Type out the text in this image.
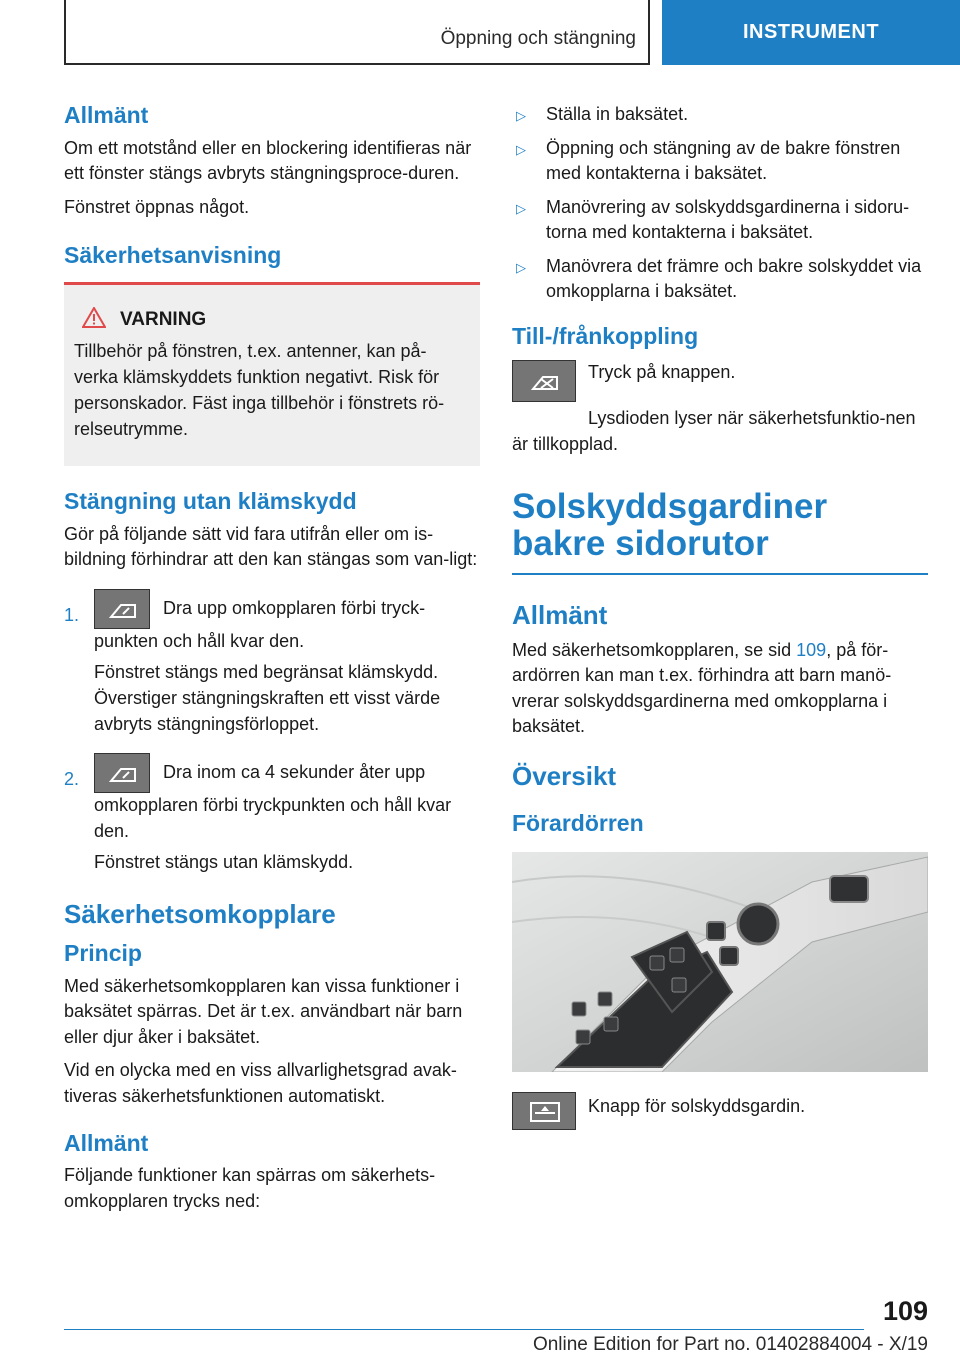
Öppning och stängning	INSTRUMENT
Allmänt

Om ett motstånd eller en blockering identifieras när ett fönster stängs avbryts stängningsproce-duren.

Fönstret öppnas något.

Säkerhetsanvisning
VARNING
Tillbehör på fönstren, t.ex. antenner, kan på-verka klämskyddets funktion negativt. Risk för personskador. Fäst inga tillbehör i fönstrets rö-relseutrymme.
Stängning utan klämskydd

Gör på följande sätt vid fara utifrån eller om is-bildning förhindrar att den kan stängas som van-ligt:

1.	Dra upp omkopplaren förbi tryck-punkten och håll kvar den.

Fönstret stängs med begränsat klämskydd. Överstiger stängningskraften ett visst värde avbryts stängningsförloppet.

2.	Dra inom ca 4 sekunder åter upp omkopplaren förbi tryckpunkten och håll kvar den.

Fönstret stängs utan klämskydd.

Säkerhetsomkopplare
Princip

Med säkerhetsomkopplaren kan vissa funktioner i baksätet spärras. Det är t.ex. användbart när barn eller djur åker i baksätet.

Vid en olycka med en viss allvarlighetsgrad avak-tiveras säkerhetsfunktionen automatiskt.

Allmänt

Följande funktioner kan spärras om säkerhets-omkopplaren trycks ned:

▷	Ställa in baksätet.
▷	Öppning och stängning av de bakre fönstren med kontakterna i baksätet.
▷	Manövrering av solskyddsgardinerna i sidoru-torna med kontakterna i baksätet.
▷	Manövrera det främre och bakre solskyddet via omkopplarna i baksätet.
Till-/frånkoppling
Tryck på knappen.

Lysdioden lyser när säkerhetsfunktio-nen är tillkopplad.

Solskyddsgardiner bakre sidorutor
Allmänt

Med säkerhetsomkopplaren, se sid 109, på för-ardörren kan man t.ex. förhindra att barn manö-vrerar solskyddsgardinerna med omkopplarna i baksätet.

Översikt
Förardörren
Knapp för solskyddsgardin.
109
Online Edition for Part no. 01402884004 - X/19
